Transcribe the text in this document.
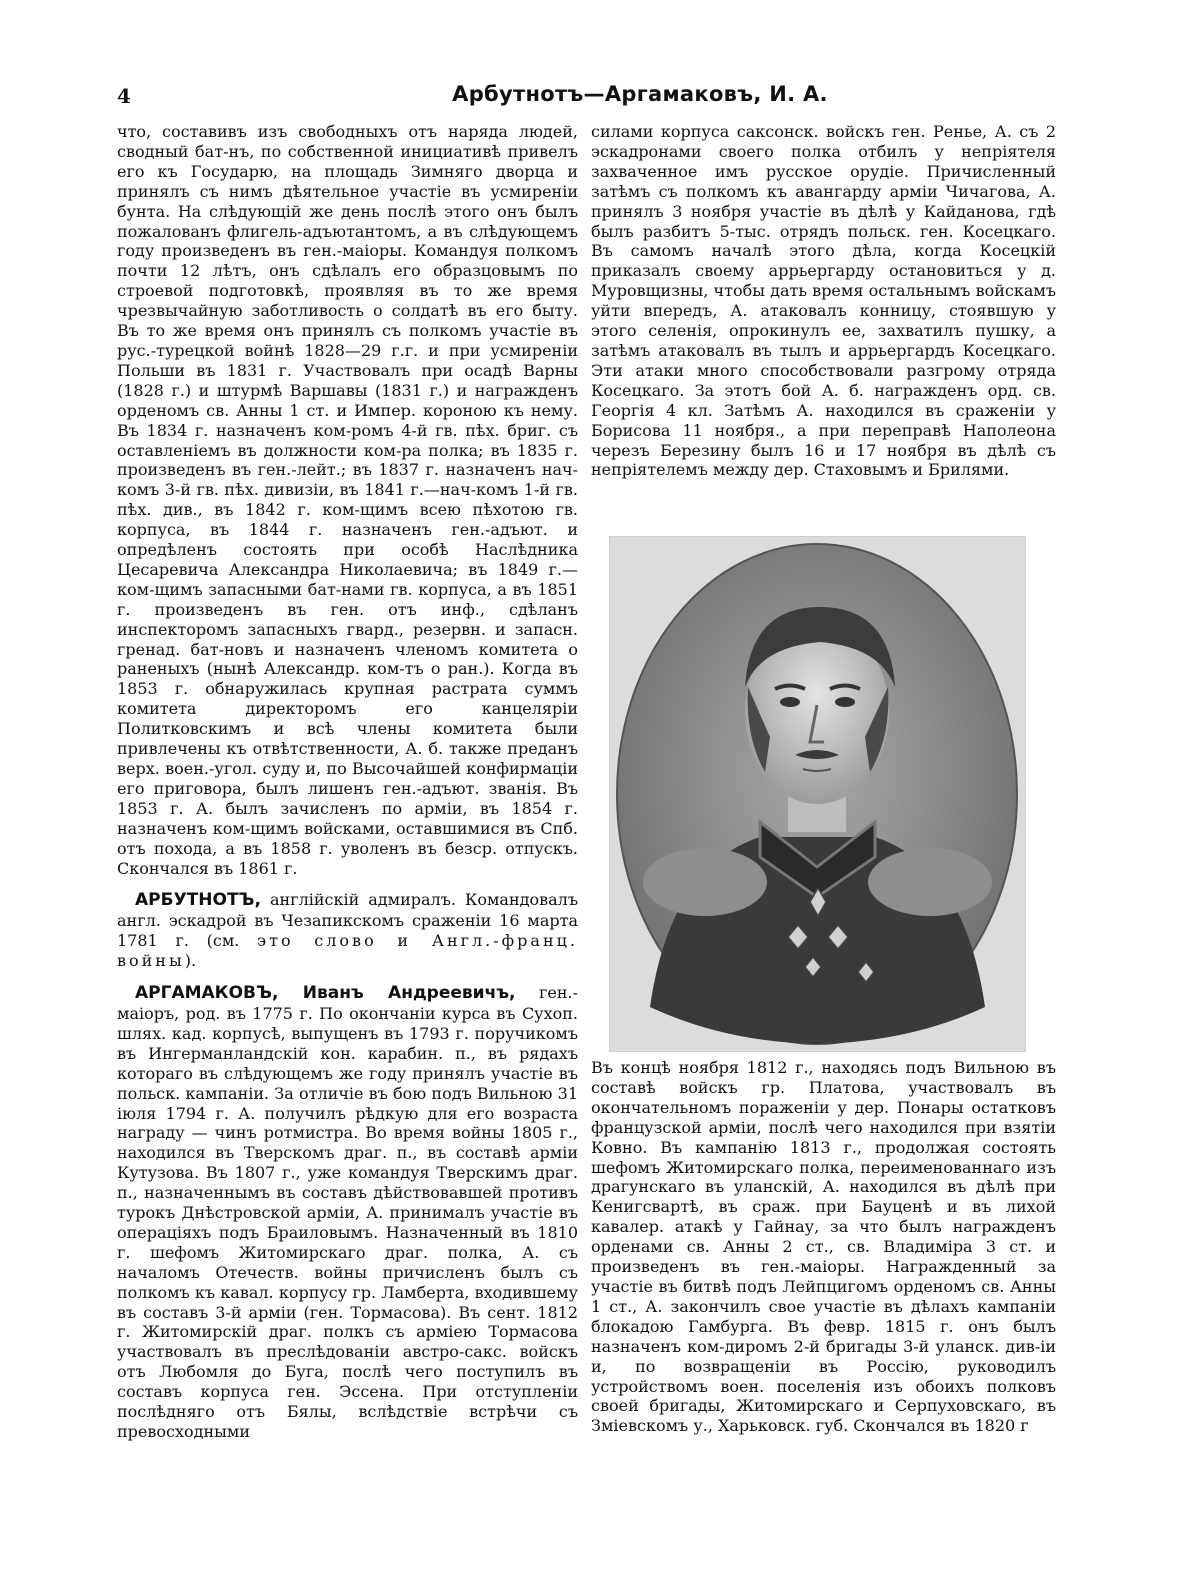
4	Арбутнотъ—Аргамаковъ, И. А.

что, составивъ изъ свободныхъ отъ наряда людей, сводный бат-нъ, по собственной инициативѣ привелъ его къ Государю, на площадь Зимняго дворца и принялъ съ нимъ дѣятельное участіе въ усмиреніи бунта. На слѣдующій же день послѣ этого онъ былъ пожалованъ флигель-адъютантомъ, а въ слѣдующемъ году произведенъ въ ген.-маіоры. Командуя полкомъ почти 12 лѣтъ, онъ сдѣлалъ его образцовымъ по строевой подготовкѣ, проявляя въ то же время чрезвычайную заботливость о солдатѣ въ его быту. Въ то же время онъ принялъ съ полкомъ участіе въ рус.-турецкой войнѣ 1828—29 г.г. и при усмиреніи Польши въ 1831 г. Участвовалъ при осадѣ Варны (1828 г.) и штурмѣ Варшавы (1831 г.) и награжденъ орденомъ св. Анны 1 ст. и Импер. короною къ нему. Въ 1834 г. назначенъ ком-ромъ 4-й гв. пѣх. бриг. съ оставленіемъ въ должности ком-ра полка; въ 1835 г. произведенъ въ ген.-лейт.; въ 1837 г. назначенъ нач-комъ 3-й гв. пѣх. дивизіи, въ 1841 г.—нач-комъ 1-й гв. пѣх. див., въ 1842 г. ком-щимъ всею пѣхотою гв. корпуса, въ 1844 г. назначенъ ген.-адъют. и опредѣленъ состоять при особѣ Наслѣдника Цесаревича Александра Николаевича; въ 1849 г.—ком-щимъ запасными бат-нами гв. корпуса, а въ 1851 г. произведенъ въ ген. отъ инф., сдѣланъ инспекторомъ запасныхъ гвард., резервн. и запасн. гренад. бат-новъ и назначенъ членомъ комитета о раненыхъ (нынѣ Александр. ком-тъ о ран.). Когда въ 1853 г. обнаружилась крупная растрата суммъ комитета директоромъ его канцеляріи Политковскимъ и всѣ члены комитета были привлечены къ отвѣтственности, А. б. также преданъ верх. воен.-угол. суду и, по Высочайшей конфирмаціи его приговора, былъ лишенъ ген.-адъют. званія. Въ 1853 г. А. былъ зачисленъ по арміи, въ 1854 г. назначенъ ком-щимъ войсками, оставшимися въ Спб. отъ похода, а въ 1858 г. уволенъ въ безср. отпускъ. Скончался въ 1861 г.

АРБУТНОТЪ, англійскій адмиралъ. Командовалъ англ. эскадрой въ Чезапикскомъ сраженіи 16 марта 1781 г. (см. это слово и Англ.-франц. войны).

АРГАМАКОВЪ, Иванъ Андреевичъ, ген.-маіоръ, род. въ 1775 г. По окончаніи курса въ Сухоп. шлях. кад. корпусѣ, выпущенъ въ 1793 г. поручикомъ въ Ингерманландскій кон. карабин. п., въ рядахъ котораго въ слѣдующемъ же году принялъ участіе въ польск. кампаніи. За отличіе въ бою подъ Вильною 31 іюля 1794 г. А. получилъ рѣдкую для его возраста награду — чинъ ротмистра. Во время войны 1805 г., находился въ Тверскомъ драг. п., въ составѣ арміи Кутузова. Въ 1807 г., уже командуя Тверскимъ драг. п., назначеннымъ въ составъ дѣйствовавшей противъ турокъ Днѣстровской арміи, А. принималъ участіе въ операціяхъ подъ Браиловымъ. Назначенный въ 1810 г. шефомъ Житомирскаго драг. полка, А. съ началомъ Отечеств. войны причисленъ былъ съ полкомъ къ кавал. корпусу гр. Ламберта, входившему въ составъ 3-й арміи (ген. Тормасова). Въ сент. 1812 г. Житомирскій драг. полкъ съ арміею Тормасова участвовалъ въ преслѣдованіи австро-сакс. войскъ отъ Любомля до Буга, послѣ чего поступилъ въ составъ корпуса ген. Эссена. При отступленіи послѣдняго отъ Бялы, вслѣдствіе встрѣчи съ превосходными

силами корпуса саксонск. войскъ ген. Ренье, А. съ 2 эскадронами своего полка отбилъ у непріятеля захваченное имъ русское орудіе. Причисленный затѣмъ съ полкомъ къ авангарду арміи Чичагова, А. принялъ 3 ноября участіе въ дѣлѣ у Кайданова, гдѣ былъ разбитъ 5-тыс. отрядъ польск. ген. Косецкаго. Въ самомъ началѣ этого дѣла, когда Косецкій приказалъ своему аррьергарду остановиться у д. Муровщизны, чтобы дать время остальнымъ войскамъ уйти впередъ, А. атаковалъ конницу, стоявшую у этого селенія, опрокинулъ ее, захватилъ пушку, а затѣмъ атаковалъ въ тылъ и аррьергардъ Косецкаго. Эти атаки много способствовали разгрому отряда Косецкаго. За этотъ бой А. б. награжденъ орд. св. Георгія 4 кл. Затѣмъ А. находился въ сраженіи у Борисова 11 ноября., а при переправѣ Наполеона черезъ Березину былъ 16 и 17 ноября въ дѣлѣ съ непріятелемъ между дер. Стаховымъ и Брилями.

Въ концѣ ноября 1812 г., находясь подъ Вильною въ составѣ войскъ гр. Платова, участвовалъ въ окончательномъ пораженіи у дер. Понары остатковъ французской арміи, послѣ чего находился при взятіи Ковно. Въ кампанію 1813 г., продолжая состоять шефомъ Житомирскаго полка, переименованнаго изъ драгунскаго въ уланскій, А. находился въ дѣлѣ при Кенигсвартѣ, въ сраж. при Бауценѣ и въ лихой кавалер. атакѣ у Гайнау, за что былъ награжденъ орденами св. Анны 2 ст., св. Владиміра 3 ст. и произведенъ въ ген.-маіоры. Награжденный за участіе въ битвѣ подъ Лейпцигомъ орденомъ св. Анны 1 ст., А. закончилъ свое участіе въ дѣлахъ кампаніи блокадою Гамбурга. Въ февр. 1815 г. онъ былъ назначенъ ком-диромъ 2-й бригады 3-й уланск. див-іи и, по возвращеніи въ Россію, руководилъ устройствомъ воен. поселенія изъ обоихъ полковъ своей бригады, Житомирскаго и Серпуховскаго, въ Зміевскомъ у., Харьковск. губ. Скончался въ 1820 г
